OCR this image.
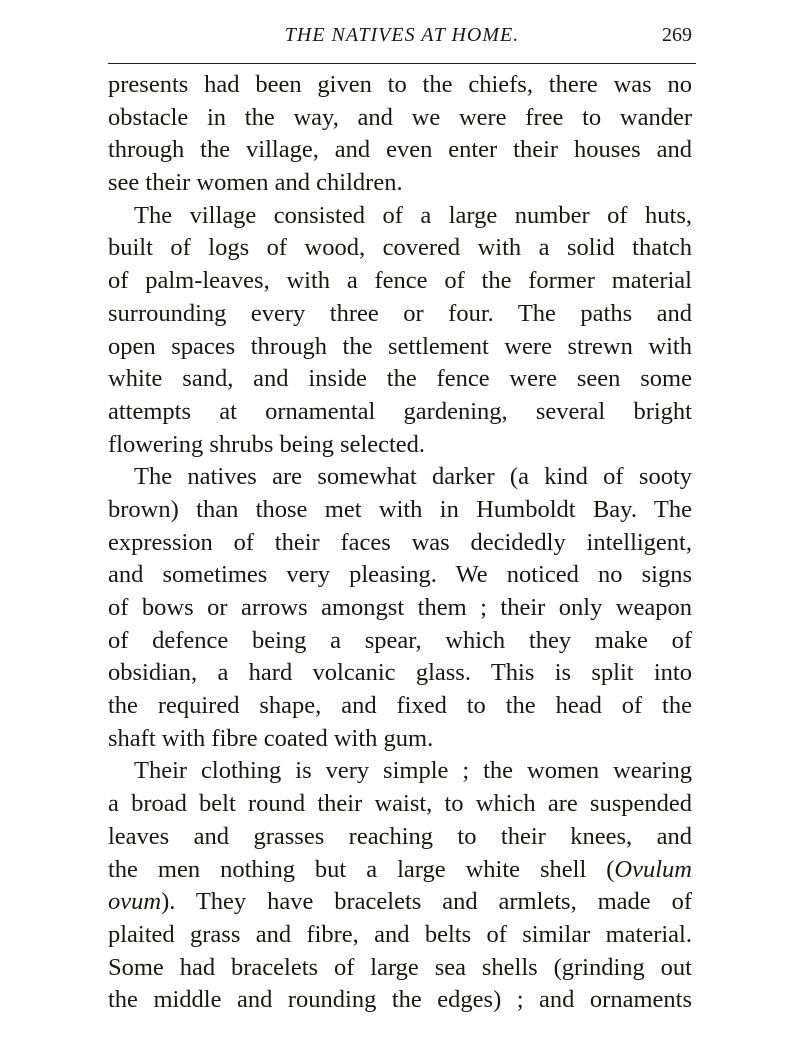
THE NATIVES AT HOME.	269
presents had been given to the chiefs, there was no
obstacle in the way, and we were free to wander
through the village, and even enter their houses and
see their women and children.
The village consisted of a large number of huts,
built of logs of wood, covered with a solid thatch
of palm-leaves, with a fence of the former material
surrounding every three or four. The paths and
open spaces through the settlement were strewn with
white sand, and inside the fence were seen some
attempts at ornamental gardening, several bright
flowering shrubs being selected.
The natives are somewhat darker (a kind of sooty
brown) than those met with in Humboldt Bay. The
expression of their faces was decidedly intelligent,
and sometimes very pleasing. We noticed no signs
of bows or arrows amongst them ; their only weapon
of defence being a spear, which they make of
obsidian, a hard volcanic glass. This is split into
the required shape, and fixed to the head of the
shaft with fibre coated with gum.
Their clothing is very simple ; the women wearing
a broad belt round their waist, to which are suspended
leaves and grasses reaching to their knees, and
the men nothing but a large white shell (Ovulum
ovum). They have bracelets and armlets, made of
plaited grass and fibre, and belts of similar material.
Some had bracelets of large sea shells (grinding out
the middle and rounding the edges) ; and ornaments
